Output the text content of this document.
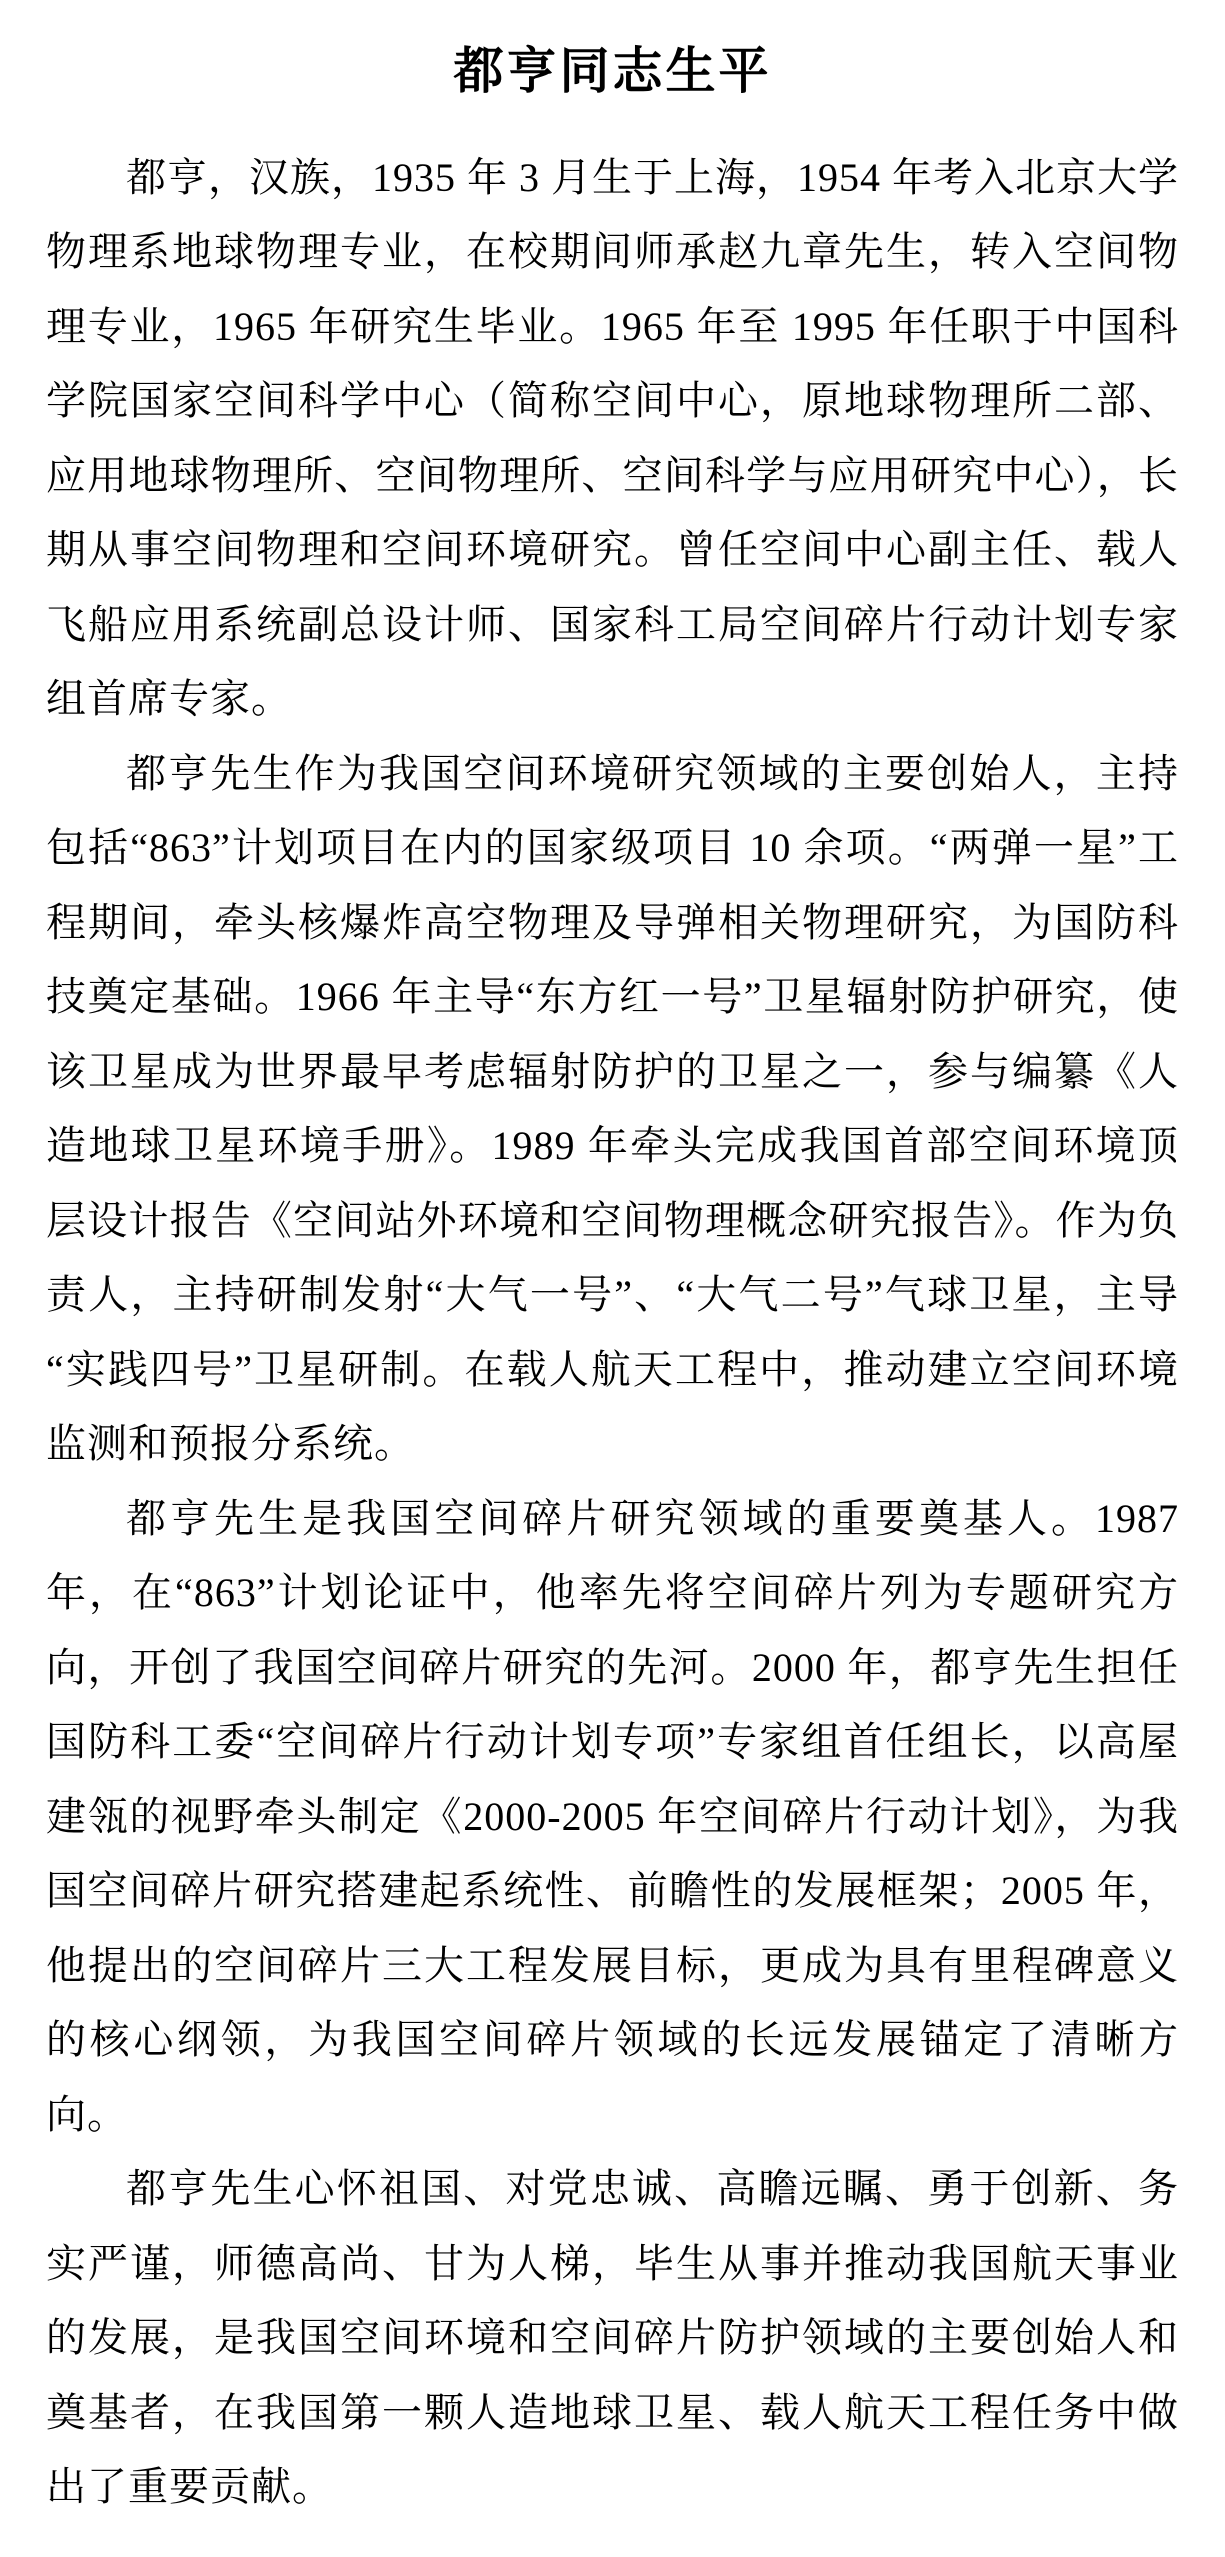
都亨同志生平

都亨，汉族，1935 年 3 月生于上海，1954 年考入北京大学物理系地球物理专业，在校期间师承赵九章先生，转入空间物理专业，1965 年研究生毕业。1965 年至 1995 年任职于中国科学院国家空间科学中心（简称空间中心，原地球物理所二部、应用地球物理所、空间物理所、空间科学与应用研究中心），长期从事空间物理和空间环境研究。曾任空间中心副主任、载人飞船应用系统副总设计师、国家科工局空间碎片行动计划专家组首席专家。

都亨先生作为我国空间环境研究领域的主要创始人，主持包括“863”计划项目在内的国家级项目 10 余项。“两弹一星”工程期间，牵头核爆炸高空物理及导弹相关物理研究，为国防科技奠定基础。1966 年主导“东方红一号”卫星辐射防护研究，使该卫星成为世界最早考虑辐射防护的卫星之一，参与编纂《人造地球卫星环境手册》。1989 年牵头完成我国首部空间环境顶层设计报告《空间站外环境和空间物理概念研究报告》。作为负责人，主持研制发射“大气一号”、“大气二号”气球卫星，主导“实践四号”卫星研制。在载人航天工程中，推动建立空间环境监测和预报分系统。

都亨先生是我国空间碎片研究领域的重要奠基人。1987 年，在“863”计划论证中，他率先将空间碎片列为专题研究方向，开创了我国空间碎片研究的先河。2000 年，都亨先生担任国防科工委“空间碎片行动计划专项”专家组首任组长，以高屋建瓴的视野牵头制定《2000-2005 年空间碎片行动计划》，为我国空间碎片研究搭建起系统性、前瞻性的发展框架；2005 年，他提出的空间碎片三大工程发展目标，更成为具有里程碑意义的核心纲领，为我国空间碎片领域的长远发展锚定了清晰方向。

都亨先生心怀祖国、对党忠诚、高瞻远瞩、勇于创新、务实严谨，师德高尚、甘为人梯，毕生从事并推动我国航天事业的发展，是我国空间环境和空间碎片防护领域的主要创始人和奠基者，在我国第一颗人造地球卫星、载人航天工程任务中做出了重要贡献。
